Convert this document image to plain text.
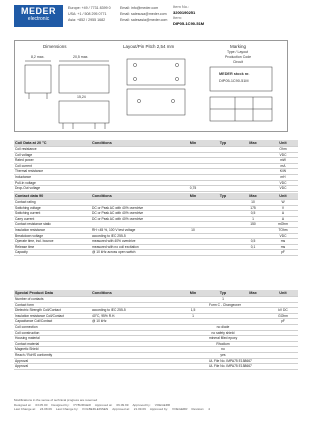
MEDER
electronic
Europe: +49 / 7731 8399 0
USA: +1 / 508 295 0771
Asia: +852 / 2955 1682
Email: info@meder.com
Email: salesusa@meder.com
Email: salesasia@meder.com
Item No.:
3200190251
Item:
DIP05-1C90-51M
Dimensions	Layout/Pin Pitch 2,54 mm	Marking
Type / Layout
Production Code
Circuit
8,2 max.	20,5 max.
15,24
MEDER stock nr.
DIP05-1C90-51M
Coil Data at 20 °C	Conditions	Min	Typ	Max	Unit
Coil resistance					Ohm
Coil voltage					VDC
Rated power					mW
Coil current					mA
Thermal resistance					K/W
Inductance					mH
Pull-In voltage					VDC
Drop-Out voltage		0,75			VDC
Contact data 90	Conditions	Min	Typ	Max	Unit
Contact rating				10	W
Switching voltage	DC or Peak AC with 40% overdrive			175	V
Switching current	DC or Peak AC with 40% overdrive			0,5	A
Carry current	DC or Peak AC with 40% overdrive			1	A
Contact resistance static				150	mOhm
Insulation resistance	RH <45 %, 100 V test voltage	10			TOhm
Breakdown voltage	according to IEC 255-5				VDC
Operate time, incl. bounce	measured with 40% overdrive			0,5	ms
Release time	measured with no coil excitation			0,1	ms
Capacity	@ 10 kHz across open switch				pF
Special Product Data	Conditions	Min	Typ	Max	Unit
Number of contacts			1		
Contact form			Form C - Changeover		
Dielectric Strength Coil/Contact	according to IEC 255-5	1,5			kV DC
Insulation resistance Coil/Contact	40°C, 95% R.H.	1			GOhm
Capacitance Coil/Contact	@ 10 kHz				pF
Coil connection			no diode		
Coil construction			no safety shield		
Housing material			mineral filled epoxy		
Contact material			Rhodium		
Magnetic Shield			no		
Reach / RoHS conformity			yes		
Approval			UL File No. IMPA75 E158667		
Approval			UL File No. IMPA75 E158667		
Modifications in the sense of technical progress are reserved
Designed at: 03.05.00 Designed by: PYBURGER Approved at: 06.09.99 Approved by: VOEGERR
Last Change at: 24.08.09 Last Change by: KOLBERLEINSEN Approved at: 21.09.09 Approved by: VOEGERR Revision: 4
